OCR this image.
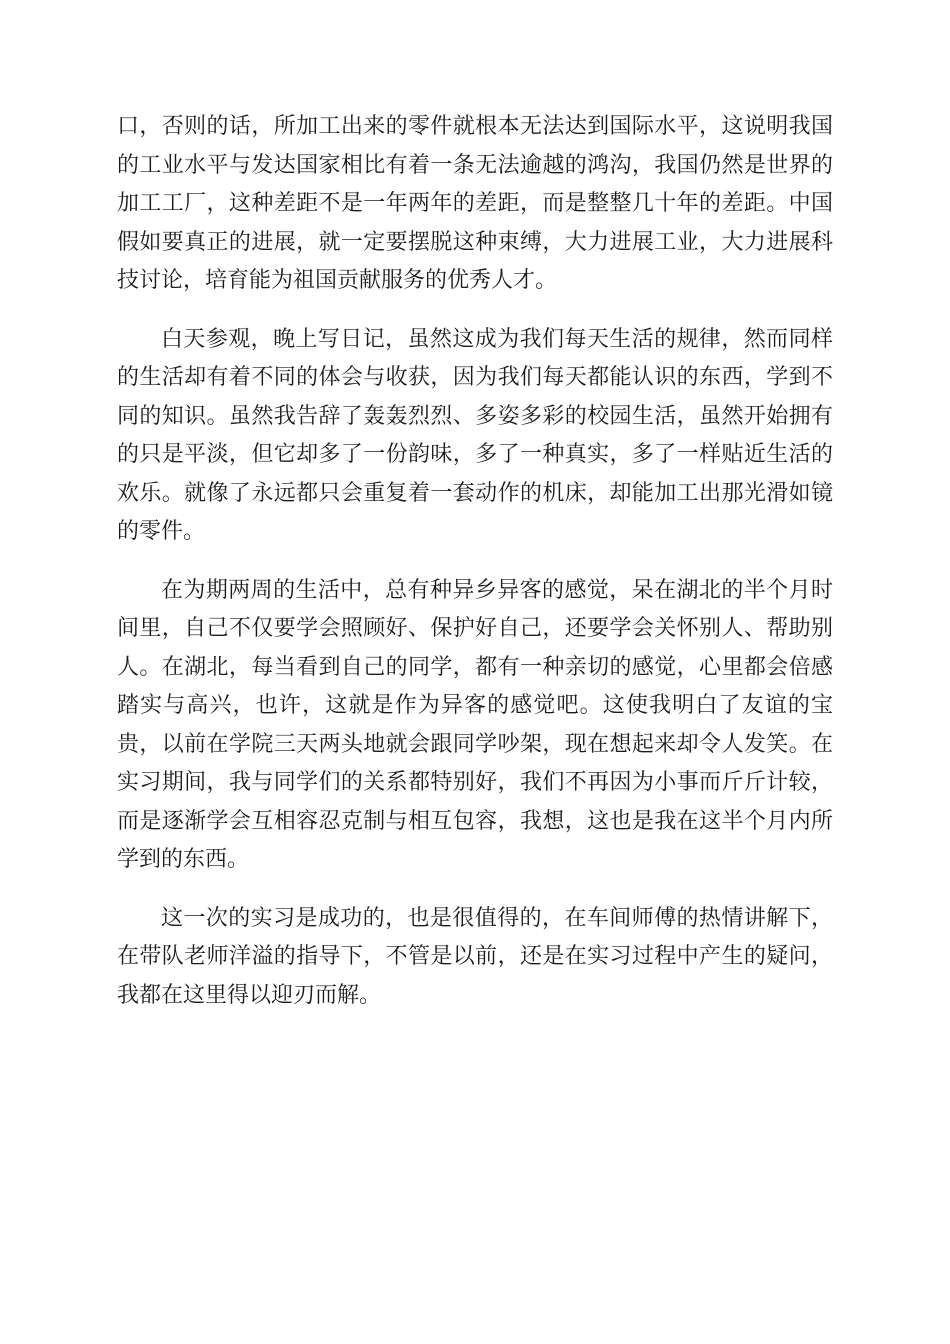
口，否则的话，所加工出来的零件就根本无法达到国际水平，这说明我国的工业水平与发达国家相比有着一条无法逾越的鸿沟，我国仍然是世界的加工工厂，这种差距不是一年两年的差距，而是整整几十年的差距。中国假如要真正的进展，就一定要摆脱这种束缚，大力进展工业，大力进展科技讨论，培育能为祖国贡献服务的优秀人才。

白天参观，晚上写日记，虽然这成为我们每天生活的规律，然而同样的生活却有着不同的体会与收获，因为我们每天都能认识的东西，学到不同的知识。虽然我告辞了轰轰烈烈、多姿多彩的校园生活，虽然开始拥有的只是平淡，但它却多了一份韵味，多了一种真实，多了一样贴近生活的欢乐。就像了永远都只会重复着一套动作的机床，却能加工出那光滑如镜的零件。

在为期两周的生活中，总有种异乡异客的感觉，呆在湖北的半个月时间里，自己不仅要学会照顾好、保护好自己，还要学会关怀别人、帮助别人。在湖北，每当看到自己的同学，都有一种亲切的感觉，心里都会倍感踏实与高兴，也许，这就是作为异客的感觉吧。这使我明白了友谊的宝贵，以前在学院三天两头地就会跟同学吵架，现在想起来却令人发笑。在实习期间，我与同学们的关系都特别好，我们不再因为小事而斤斤计较，而是逐渐学会互相容忍克制与相互包容，我想，这也是我在这半个月内所学到的东西。

这一次的实习是成功的，也是很值得的，在车间师傅的热情讲解下，在带队老师洋溢的指导下，不管是以前，还是在实习过程中产生的疑问，我都在这里得以迎刃而解。
